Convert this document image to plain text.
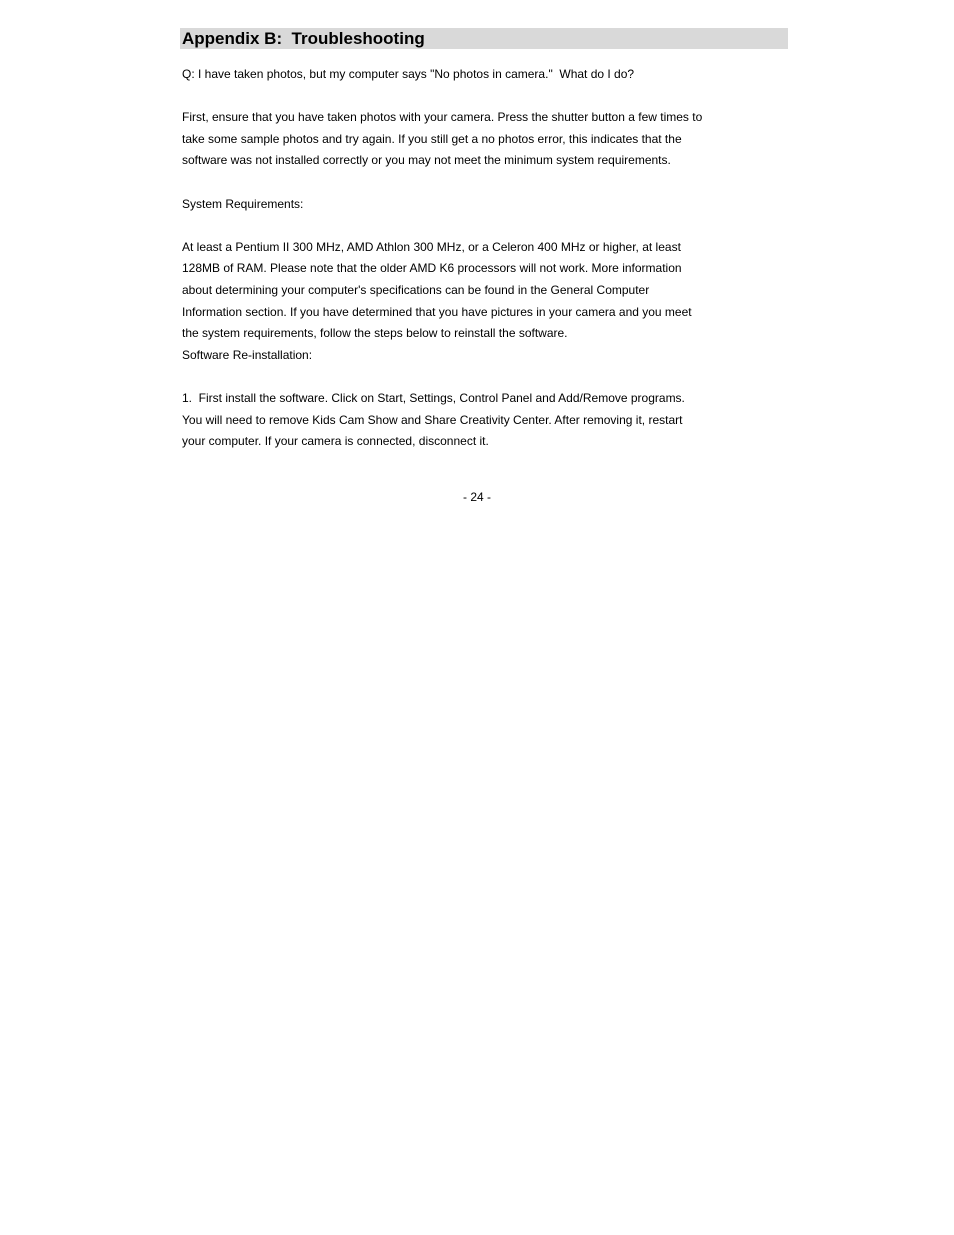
Appendix B:  Troubleshooting
Q: I have taken photos, but my computer says "No photos in camera."  What do I do?
First, ensure that you have taken photos with your camera. Press the shutter button a few times to
take some sample photos and try again. If you still get a no photos error, this indicates that the
software was not installed correctly or you may not meet the minimum system requirements.
System Requirements:
At least a Pentium II 300 MHz, AMD Athlon 300 MHz, or a Celeron 400 MHz or higher, at least
128MB of RAM. Please note that the older AMD K6 processors will not work. More information
about determining your computer's specifications can be found in the General Computer
Information section. If you have determined that you have pictures in your camera and you meet
the system requirements, follow the steps below to reinstall the software.
Software Re-installation:
1.  First install the software. Click on Start, Settings, Control Panel and Add/Remove programs.
You will need to remove Kids Cam Show and Share Creativity Center. After removing it, restart
your computer. If your camera is connected, disconnect it.
- 24 -
